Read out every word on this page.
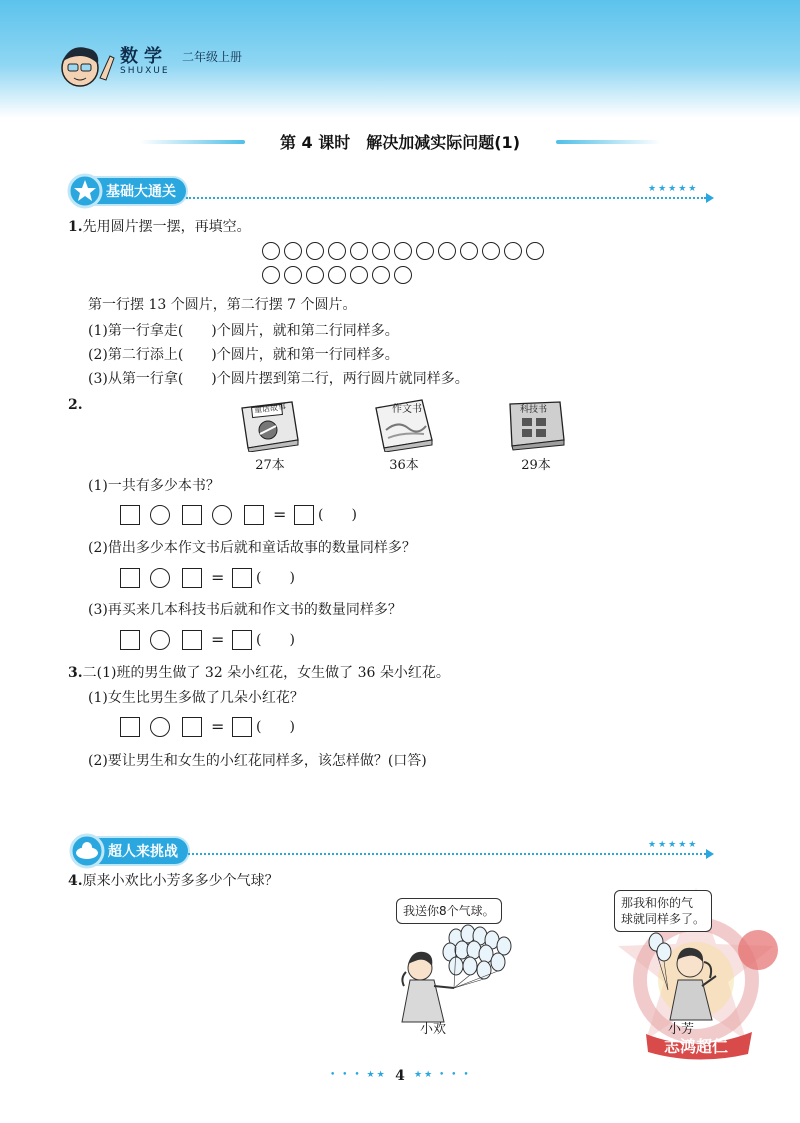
数学
SHUXUE
二年级上册
第 4 课时　解决加减实际问题(1)
基础大通关	★★★★★
1.先用圆片摆一摆，再填空。
第一行摆 13 个圆片，第二行摆 7 个圆片。
(1)第一行拿走(　　)个圆片，就和第二行同样多。
(2)第二行添上(　　)个圆片，就和第一行同样多。
(3)从第一行拿(　　)个圆片摆到第二行，两行圆片就同样多。
2.	童话故事
27本
作文书
36本
科技书
29本
(1)一共有多少本书？
= (　　)
(2)借出多少本作文书后就和童话故事的数量同样多？
= (　　)
(3)再买来几本科技书后就和作文书的数量同样多？
= (　　)
3.二(1)班的男生做了 32 朵小红花，女生做了 36 朵小红花。
(1)女生比男生多做了几朵小红花？
= (　　)
(2)要让男生和女生的小红花同样多，该怎样做？(口答)
超人来挑战	★★★★★
4.原来小欢比小芳多多少个气球？
志鸿超仁
我送你8个气球。
小欢
那我和你的气
球就同样多了。
小芳
• • • ★★ 4	★★ • • •
